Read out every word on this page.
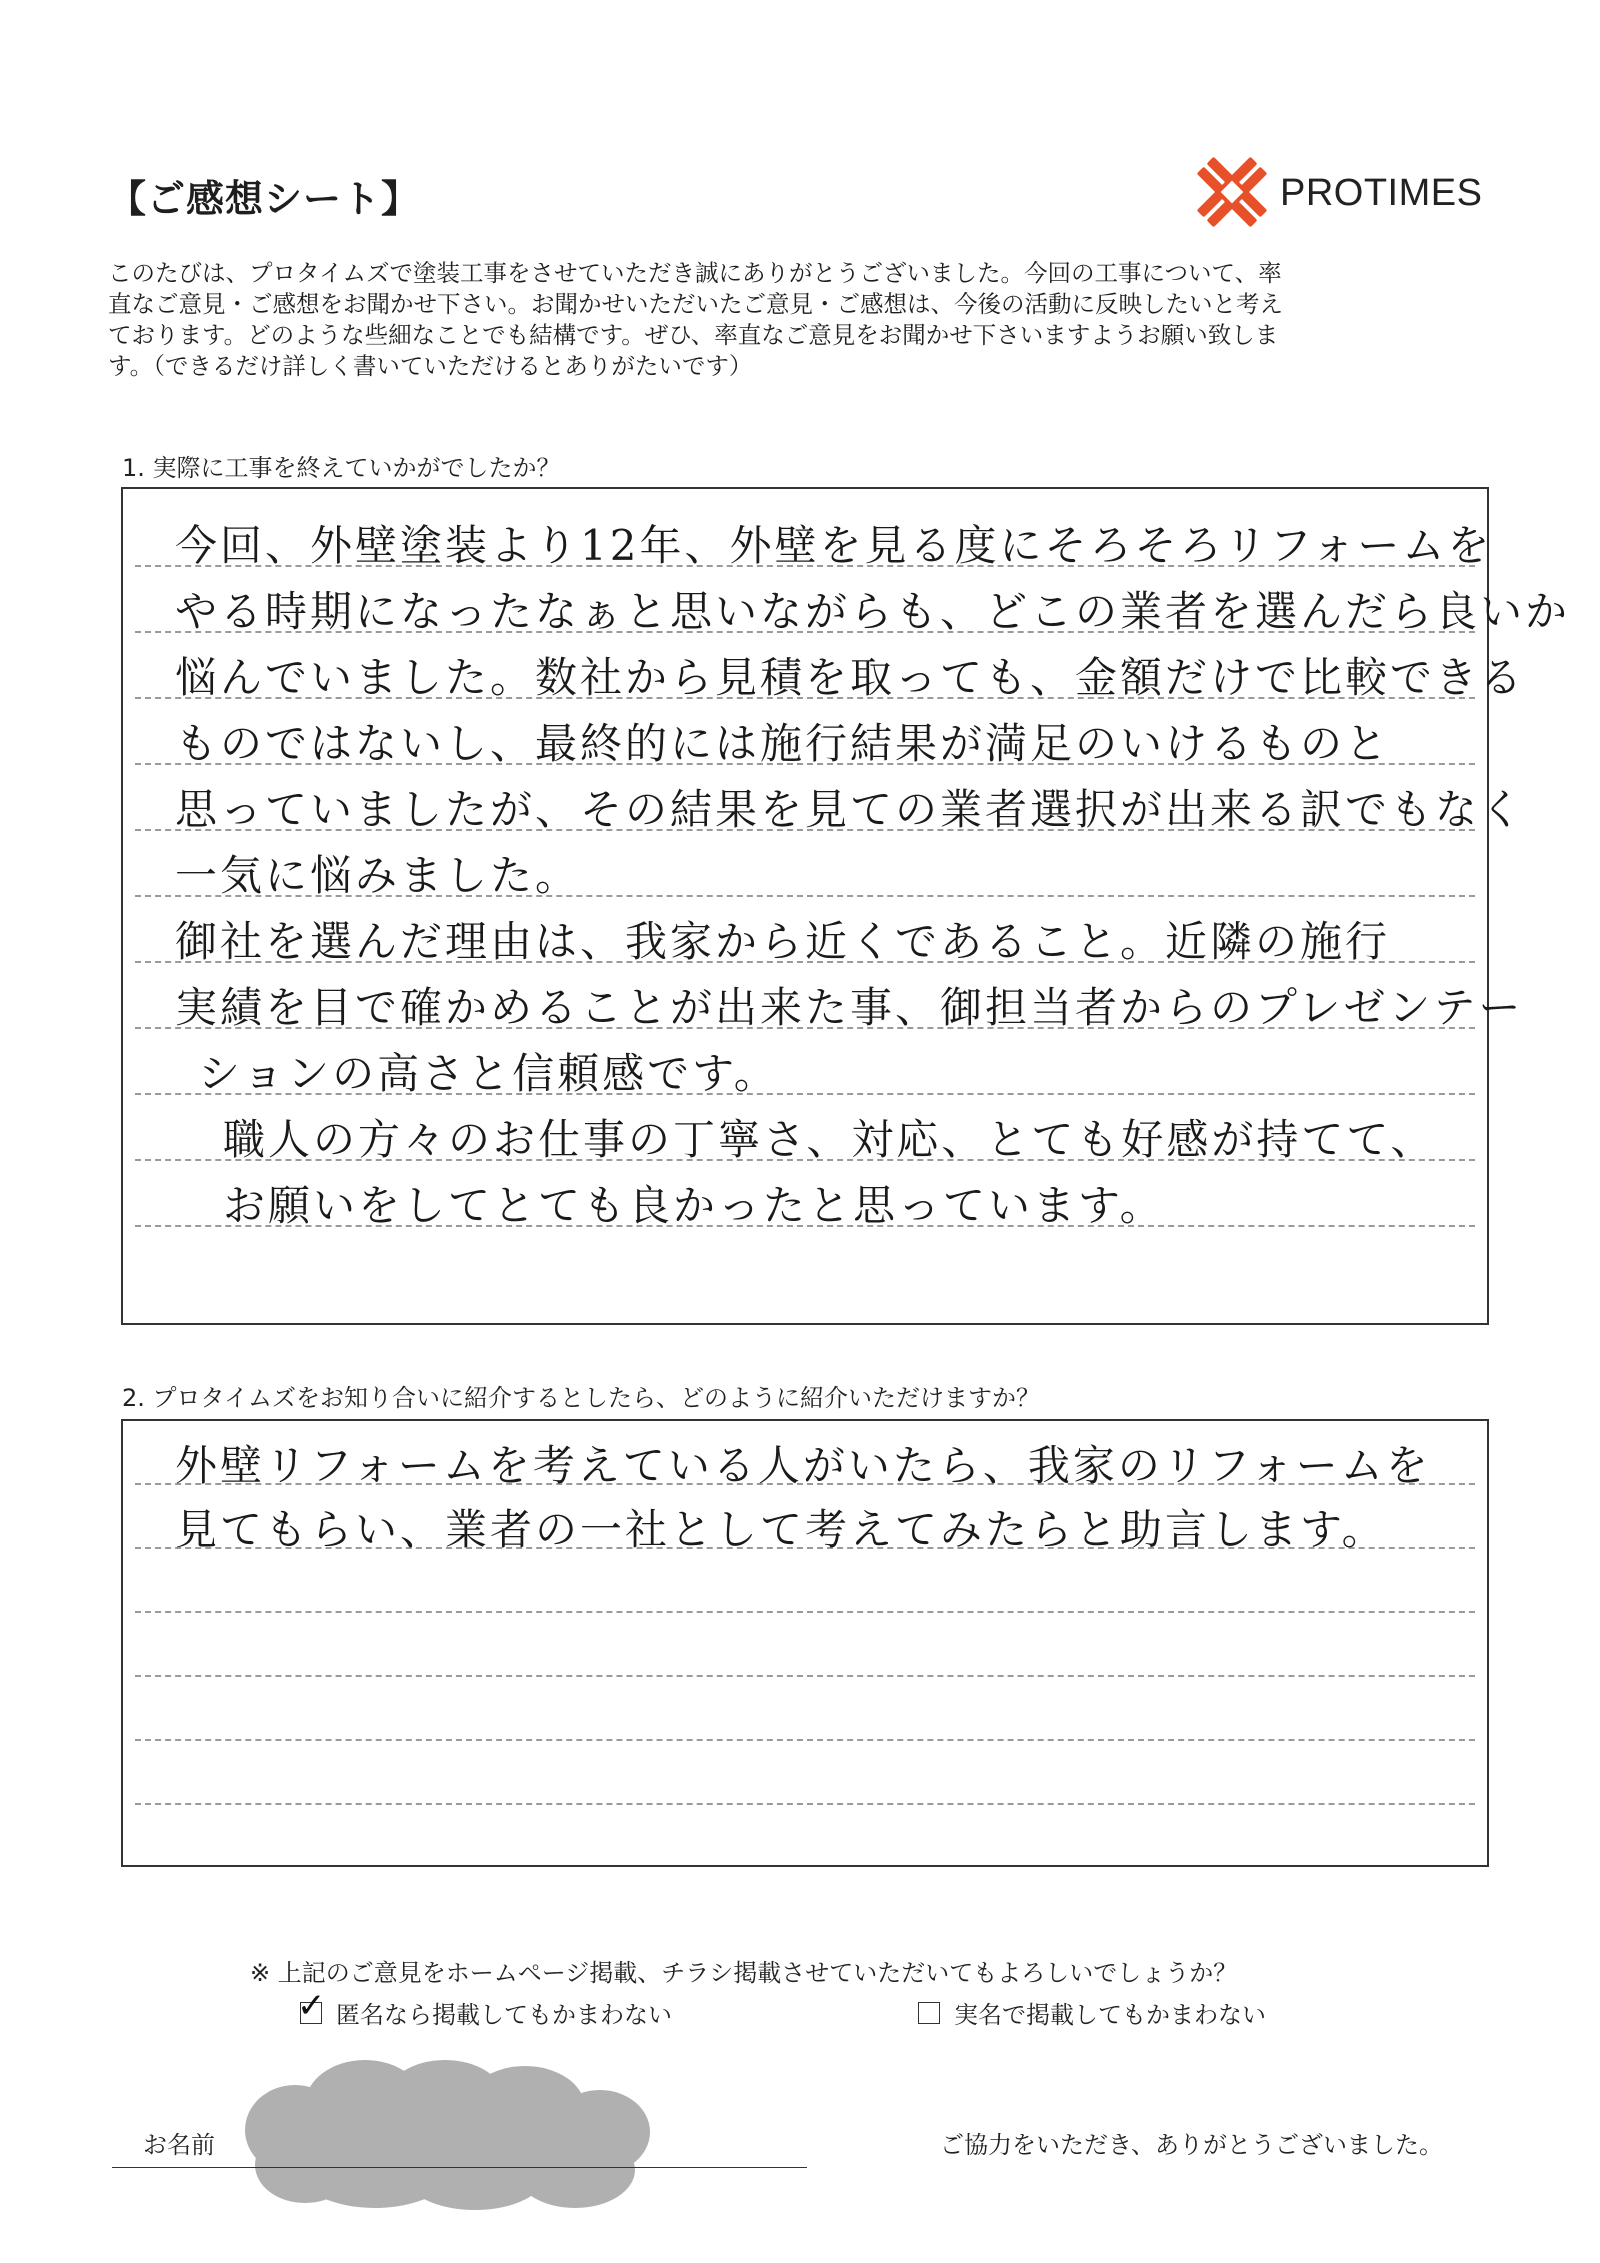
【ご感想シート】	PROTIMES

このたびは、プロタイムズで塗装工事をさせていただき誠にありがとうございました。今回の工事について、率

直なご意見・ご感想をお聞かせ下さい。お聞かせいただいたご意見・ご感想は、今後の活動に反映したいと考え

ております。どのような些細なことでも結構です。ぜひ、率直なご意見をお聞かせ下さいますようお願い致しま

す。（できるだけ詳しく書いていただけるとありがたいです）

1. 実際に工事を終えていかがでしたか？
今回、外壁塗装より12年、外壁を見る度にそろそろリフォームを
やる時期になったなぁと思いながらも、どこの業者を選んだら良いか
悩んでいました。数社から見積を取っても、金額だけで比較できる
ものではないし、最終的には施行結果が満足のいけるものと
思っていましたが、その結果を見ての業者選択が出来る訳でもなく
一気に悩みました。
御社を選んだ理由は、我家から近くであること。近隣の施行
実績を目で確かめることが出来た事、御担当者からのプレゼンテー
ションの高さと信頼感です。
職人の方々のお仕事の丁寧さ、対応、とても好感が持てて、
お願いをしてとても良かったと思っています。
2. プロタイムズをお知り合いに紹介するとしたら、どのように紹介いただけますか？
外壁リフォームを考えている人がいたら、我家のリフォームを
見てもらい、業者の一社として考えてみたらと助言します。
※ 上記のご意見をホームページ掲載、チラシ掲載させていただいてもよろしいでしょうか？
✓ 匿名なら掲載してもかまわない	実名で掲載してもかまわない
お名前	ご協力をいただき、ありがとうございました。
